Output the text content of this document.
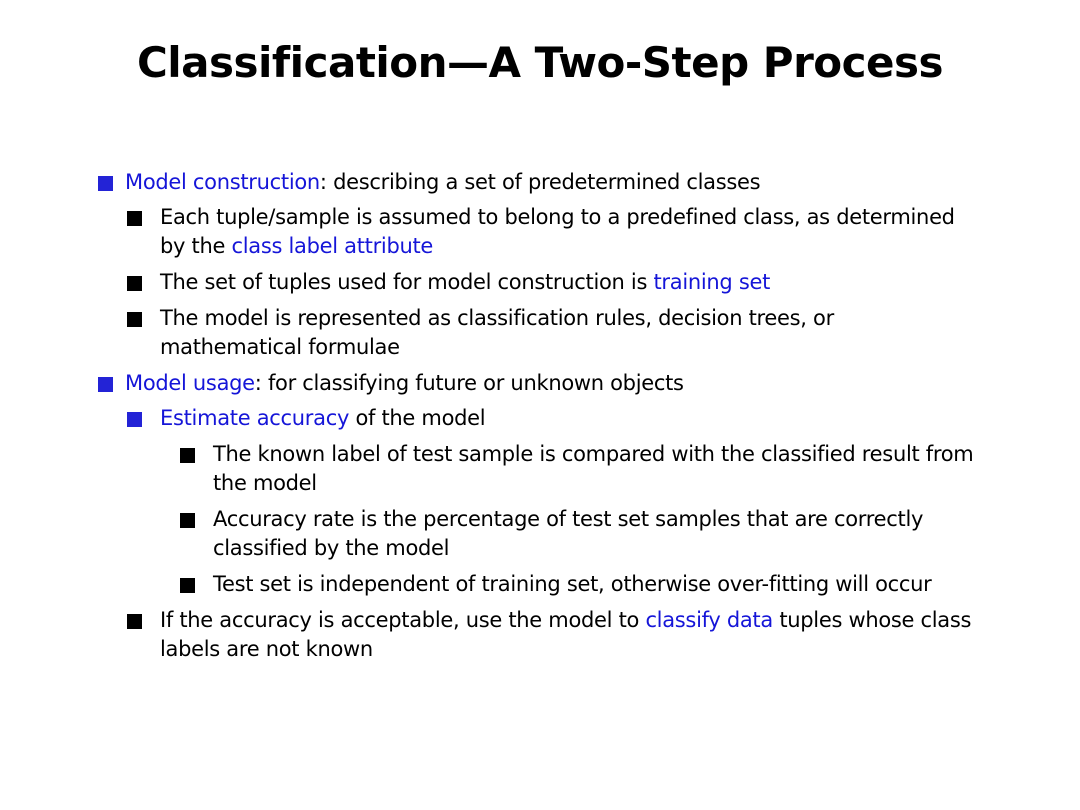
Classification—A Two-Step Process
Model construction: describing a set of predetermined classes
Each tuple/sample is assumed to belong to a predefined class, as determined by the class label attribute
The set of tuples used for model construction is training set
The model is represented as classification rules, decision trees, or mathematical formulae
Model usage: for classifying future or unknown objects
Estimate accuracy of the model
The known label of test sample is compared with the classified result from the model
Accuracy rate is the percentage of test set samples that are correctly classified by the model
Test set is independent of training set, otherwise over-fitting will occur
If the accuracy is acceptable, use the model to classify data tuples whose class labels are not known
